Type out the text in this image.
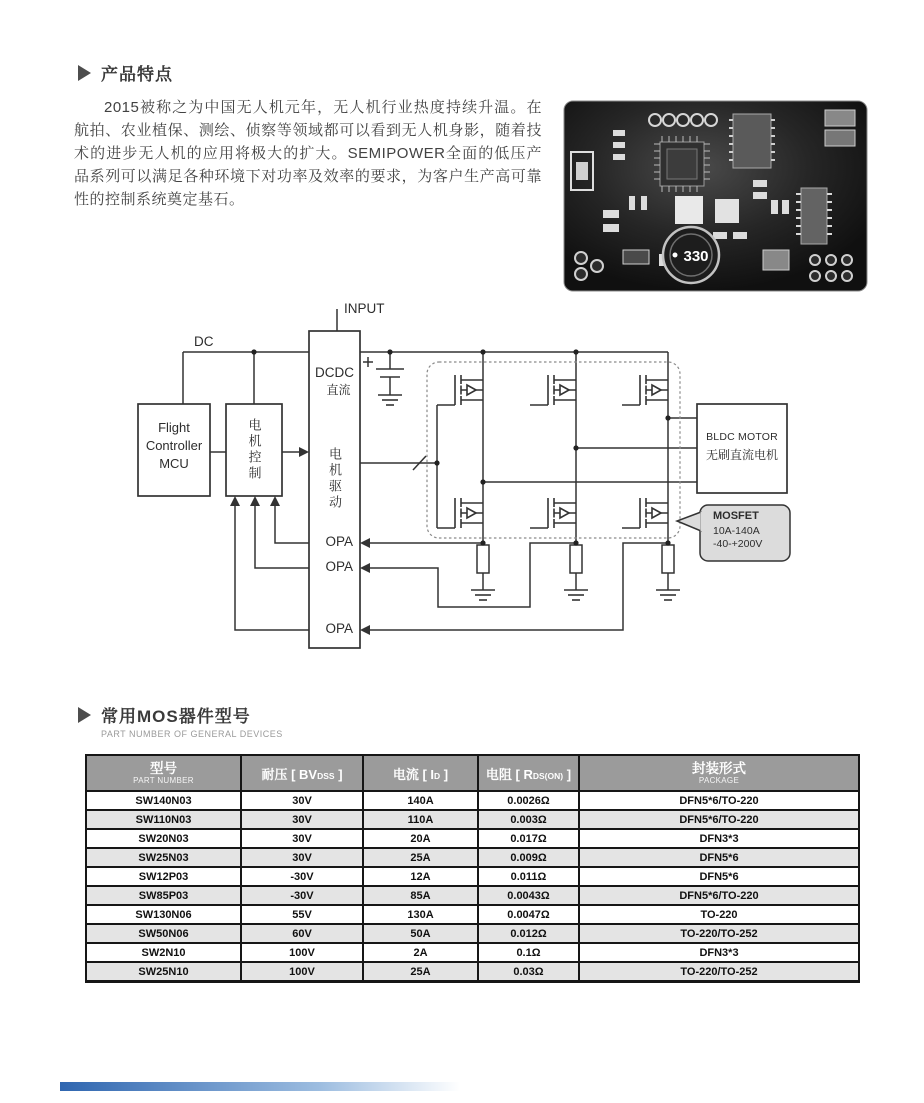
产品特点

2015被称之为中国无人机元年，无人机行业热度持续升温。在航拍、农业植保、测绘、侦察等领域都可以看到无人机身影，随着技术的进步无人机的应用将极大的扩大。SEMIPOWER全面的低压产品系列可以满足各种环境下对功率及效率的要求，为客户生产高可靠性的控制系统奠定基石。

330
INPUT
DC
Flight
Controller
MCU	电机控制
DCDC
直流
电机驱动
OPA
OPA
OPA
BLDC MOTOR
无刷直流电机
MOSFET
10A-140A
-40-+200V
常用MOS器件型号
PART NUMBER OF GENERAL DEVICES
型号
PART NUMBER	耐压 [ BVDSS ]	电流 [ ID ]	电阻 [ RDS(ON) ]	封装形式
PACKAGE

SW140N03	30V	140A	0.0026Ω	DFN5*6/TO-220
SW110N03	30V	110A	0.003Ω	DFN5*6/TO-220
SW20N03	30V	20A	0.017Ω	DFN3*3
SW25N03	30V	25A	0.009Ω	DFN5*6
SW12P03	-30V	12A	0.011Ω	DFN5*6
SW85P03	-30V	85A	0.0043Ω	DFN5*6/TO-220
SW130N06	55V	130A	0.0047Ω	TO-220
SW50N06	60V	50A	0.012Ω	TO-220/TO-252
SW2N10	100V	2A	0.1Ω	DFN3*3
SW25N10	100V	25A	0.03Ω	TO-220/TO-252
